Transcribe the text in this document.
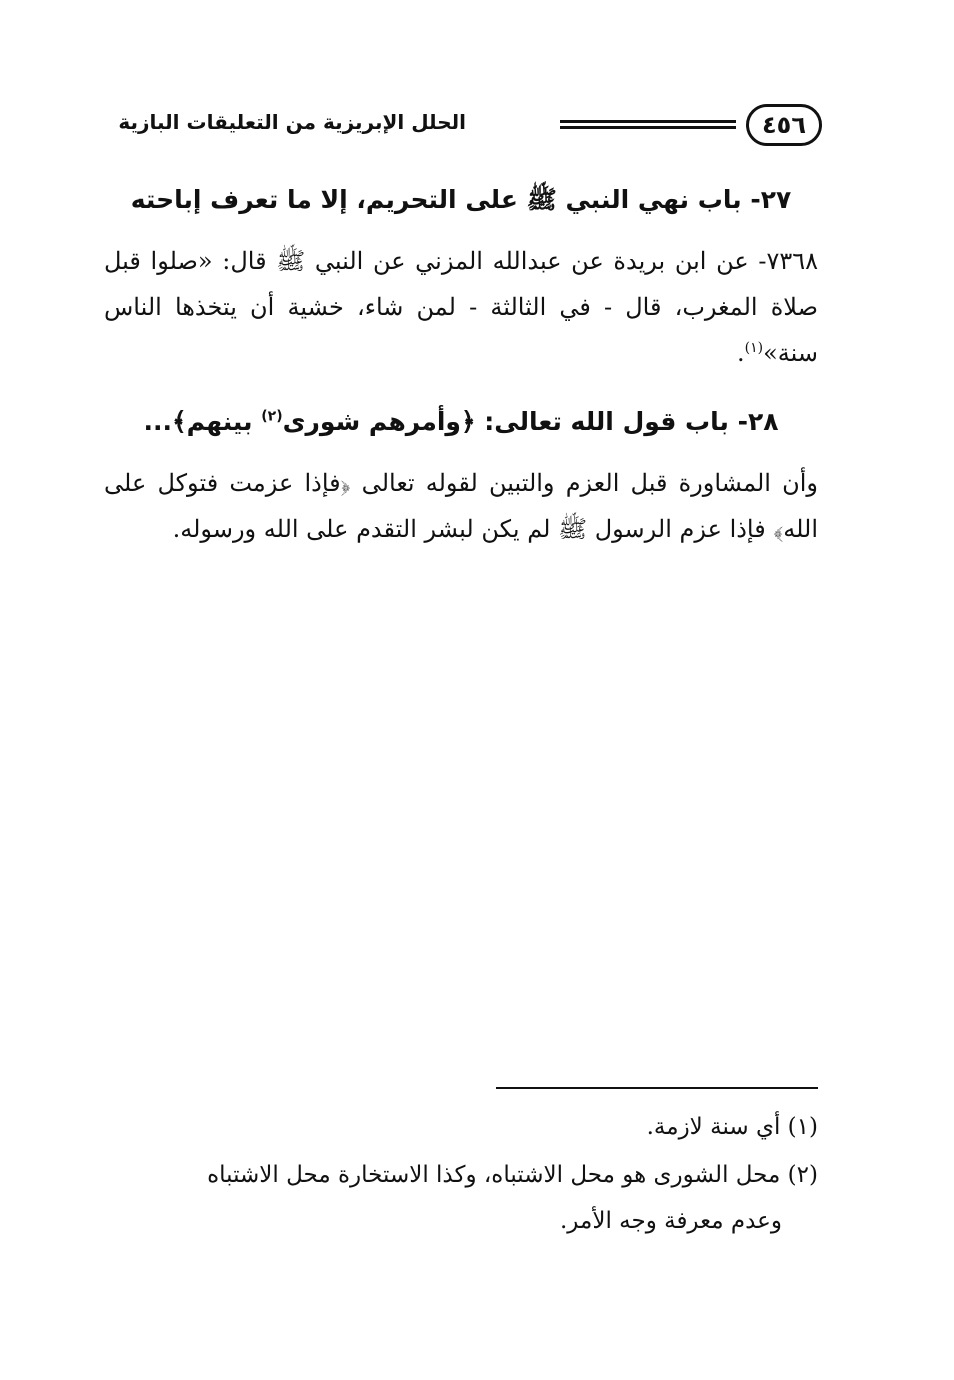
٤٥٦
الحلل الإبريزية من التعليقات البازية
٢٧- باب نهي النبي ﷺ على التحريم، إلا ما تعرف إباحته

٧٣٦٨- عن ابن بريدة عن عبدالله المزني عن النبي ﷺ قال: «صلوا قبل صلاة المغرب، قال - في الثالثة - لمن شاء، خشية أن يتخذها الناس سنة»$^{(١)}$.

٢٨- باب قول الله تعالى: ﴿وأمرهم شورى$^{(٢)}$ بينهم﴾...

وأن المشاورة قبل العزم والتبين لقوله تعالى ﴿فإذا عزمت فتوكل على الله﴾ فإذا عزم الرسول ﷺ لم يكن لبشر التقدم على الله ورسوله.

(١) أي سنة لازمة.

(٢) محل الشورى هو محل الاشتباه، وكذا الاستخارة محل الاشتباه
وعدم معرفة وجه الأمر.
